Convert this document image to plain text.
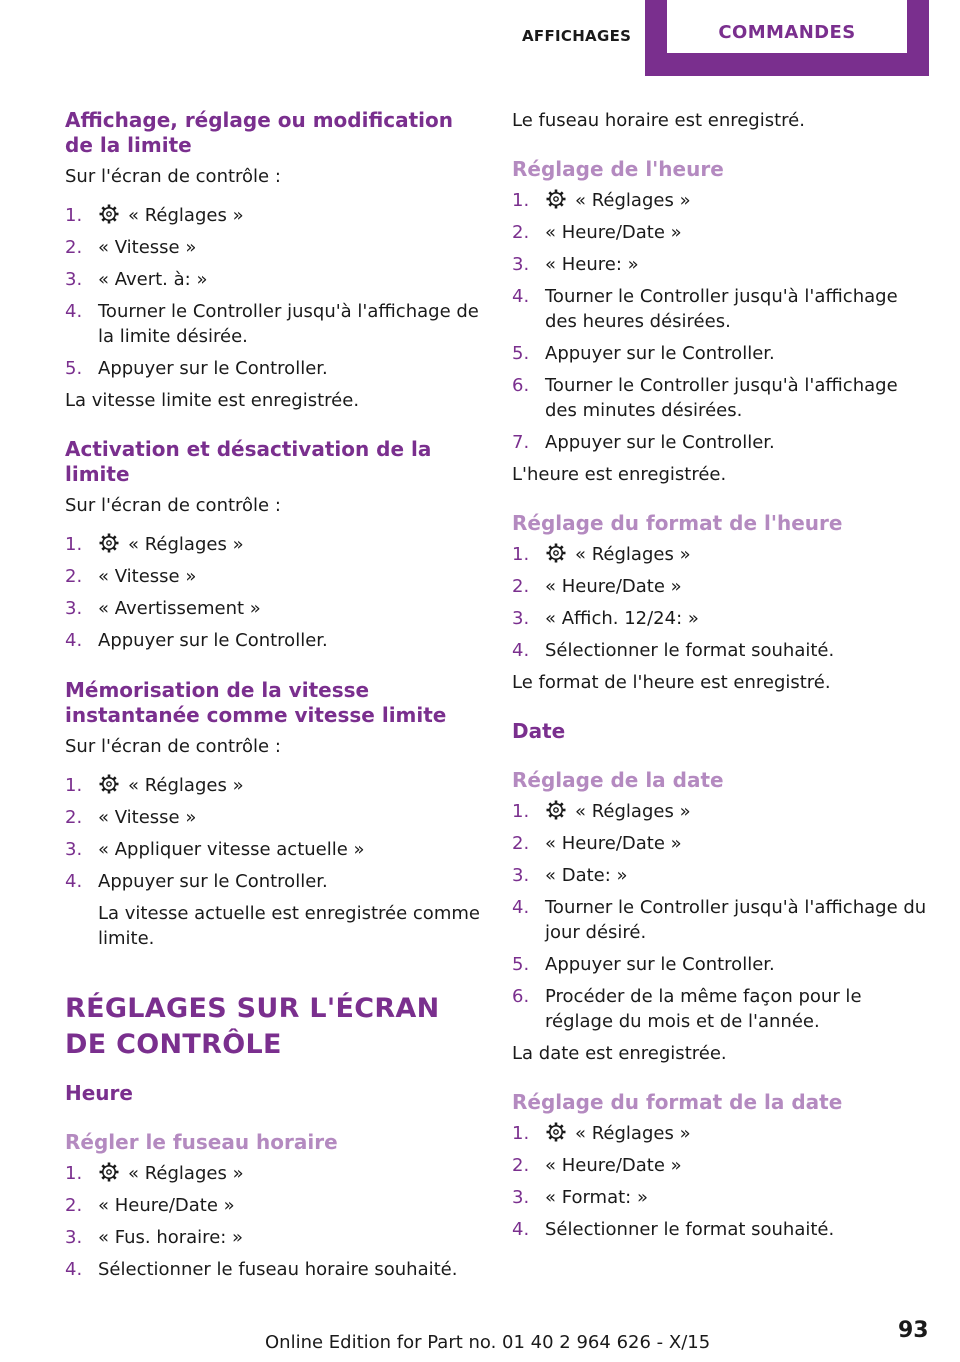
AFFICHAGES	COMMANDES
Affichage, réglage ou modification de la limite
Sur l'écran de contrôle :
1.	« Réglages »
2. « Vitesse »
3. « Avert. à: »
4. Tourner le Controller jusqu'à l'affichage de la limite désirée.
5. Appuyer sur le Controller.
La vitesse limite est enregistrée.
Activation et désactivation de la limite
Sur l'écran de contrôle :
1.	« Réglages »
2. « Vitesse »
3. « Avertissement »
4. Appuyer sur le Controller.
Mémorisation de la vitesse instantanée comme vitesse limite
Sur l'écran de contrôle :
1.	« Réglages »
2. « Vitesse »
3. « Appliquer vitesse actuelle »
4. Appuyer sur le Controller.
La vitesse actuelle est enregistrée comme limite.
RÉGLAGES SUR L'ÉCRAN DE CONTRÔLE
Heure
Régler le fuseau horaire
1.	« Réglages »
2. « Heure/Date »
3. « Fus. horaire: »
4. Sélectionner le fuseau horaire souhaité.
Le fuseau horaire est enregistré.
Réglage de l'heure
1.	« Réglages »
2. « Heure/Date »
3. « Heure: »
4. Tourner le Controller jusqu'à l'affichage des heures désirées.
5. Appuyer sur le Controller.
6. Tourner le Controller jusqu'à l'affichage des minutes désirées.
7. Appuyer sur le Controller.
L'heure est enregistrée.
Réglage du format de l'heure
1.	« Réglages »
2. « Heure/Date »
3. « Affich. 12/24: »
4. Sélectionner le format souhaité.
Le format de l'heure est enregistré.
Date
Réglage de la date
1.	« Réglages »
2. « Heure/Date »
3. « Date: »
4. Tourner le Controller jusqu'à l'affichage du jour désiré.
5. Appuyer sur le Controller.
6. Procéder de la même façon pour le réglage du mois et de l'année.
La date est enregistrée.
Réglage du format de la date
1.	« Réglages »
2. « Heure/Date »
3. « Format: »
4. Sélectionner le format souhaité.
Online Edition for Part no. 01 40 2 964 626 - X/15	93
